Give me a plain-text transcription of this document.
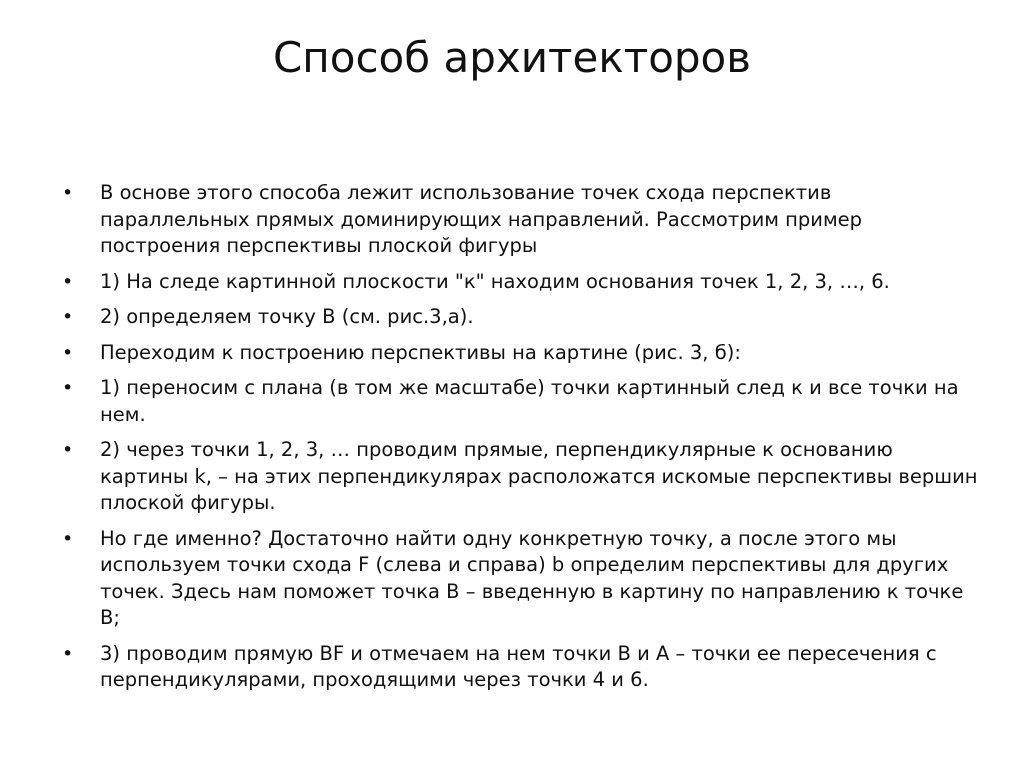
Способ архитекторов
• В основе этого способа лежит использование точек схода перспектив параллельных прямых доминирующих направлений. Рассмотрим пример построения перспективы плоской фигуры
• 1) На следе картинной плоскости "к" находим основания точек 1, 2, 3, …, 6.
• 2) определяем точку B (см. рис.3,а).
• Переходим к построению перспективы на картине (рис. 3, б):
• 1) переносим с плана (в том же масштабе) точки картинный след к и все точки на нем.
• 2) через точки 1, 2, 3, … проводим прямые, перпендикулярные к основанию картины k, – на этих перпендикулярах расположатся искомые перспективы вершин плоской фигуры.
• Но где именно? Достаточно найти одну конкретную точку, а после этого мы используем точки схода F (слева и справа) b определим перспективы для других точек. Здесь нам поможет точка B – введенную в картину по направлению к точке B;
• 3) проводим прямую BF и отмечаем на нем точки B и A – точки ее пересечения с перпендикулярами, проходящими через точки 4 и 6.
